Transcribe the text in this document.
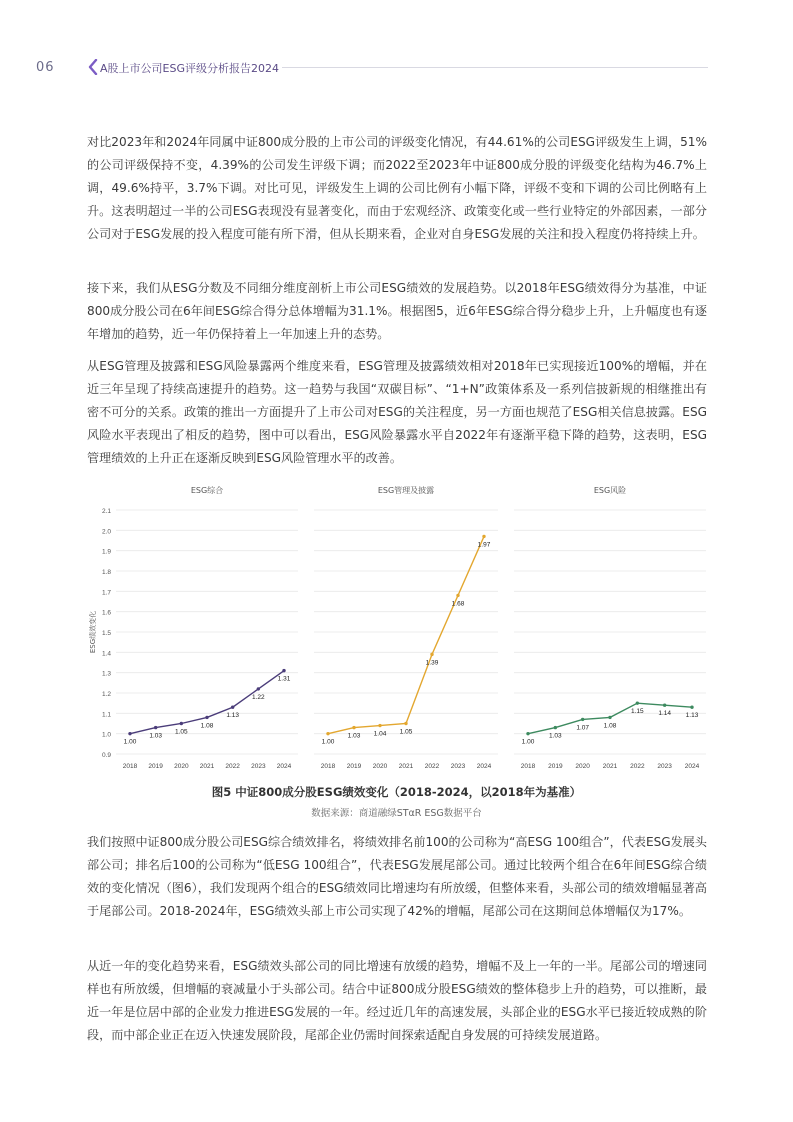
06	A股上市公司ESG评级分析报告2024

对比2023年和2024年同属中证800成分股的上市公司的评级变化情况，有44.61%的公司ESG评级发生上调，51%的公司评级保持不变，4.39%的公司发生评级下调；而2022至2023年中证800成分股的评级变化结构为46.7%上调，49.6%持平，3.7%下调。对比可见，评级发生上调的公司比例有小幅下降，评级不变和下调的公司比例略有上升。这表明超过一半的公司ESG表现没有显著变化，而由于宏观经济、政策变化或一些行业特定的外部因素，一部分公司对于ESG发展的投入程度可能有所下滑，但从长期来看，企业对自身ESG发展的关注和投入程度仍将持续上升。

接下来，我们从ESG分数及不同细分维度剖析上市公司ESG绩效的发展趋势。以2018年ESG绩效得分为基准，中证800成分股公司在6年间ESG综合得分总体增幅为31.1%。根据图5，近6年ESG综合得分稳步上升，上升幅度也有逐年增加的趋势，近一年仍保持着上一年加速上升的态势。

从ESG管理及披露和ESG风险暴露两个维度来看，ESG管理及披露绩效相对2018年已实现接近100%的增幅，并在近三年呈现了持续高速提升的趋势。这一趋势与我国“双碳目标”、“1+N”政策体系及一系列信披新规的相继推出有密不可分的关系。政策的推出一方面提升了上市公司对ESG的关注程度，另一方面也规范了ESG相关信息披露。ESG风险水平表现出了相反的趋势，图中可以看出，ESG风险暴露水平自2022年有逐渐平稳下降的趋势，这表明，ESG管理绩效的上升正在逐渐反映到ESG风险管理水平的改善。

0.9
1.0
1.1
1.2
1.3
1.4
1.5
1.6
1.7
1.8
1.9
2.0
2.1
ESG绩效变化
ESG综合
2018 2019 2020 2021 2022 2023 2024
1.00
1.03
1.05
1.08
1.13
1.22
1.31
ESG管理及披露
2018 2019 2020 2021 2022 2023 2024
1.00
1.03 1.04 1.05
1.39
1.68
1.97
ESG风险
2018 2019 2020 2021 2022 2023 2024
1.00
1.03
1.07 1.08
1.15 1.14 1.13
图5 中证800成分股ESG绩效变化（2018-2024，以2018年为基准）
数据来源：商道融绿STαR ESG数据平台

我们按照中证800成分股公司ESG综合绩效排名，将绩效排名前100的公司称为“高ESG 100组合”，代表ESG发展头部公司；排名后100的公司称为“低ESG 100组合”，代表ESG发展尾部公司。通过比较两个组合在6年间ESG综合绩效的变化情况（图6），我们发现两个组合的ESG绩效同比增速均有所放缓，但整体来看，头部公司的绩效增幅显著高于尾部公司。2018-2024年，ESG绩效头部上市公司实现了42%的增幅，尾部公司在这期间总体增幅仅为17%。

从近一年的变化趋势来看，ESG绩效头部公司的同比增速有放缓的趋势，增幅不及上一年的一半。尾部公司的增速同样也有所放缓，但增幅的衰减量小于头部公司。结合中证800成分股ESG绩效的整体稳步上升的趋势，可以推断，最近一年是位居中部的企业发力推进ESG发展的一年。经过近几年的高速发展，头部企业的ESG水平已接近较成熟的阶段，而中部企业正在迈入快速发展阶段，尾部企业仍需时间探索适配自身发展的可持续发展道路。
